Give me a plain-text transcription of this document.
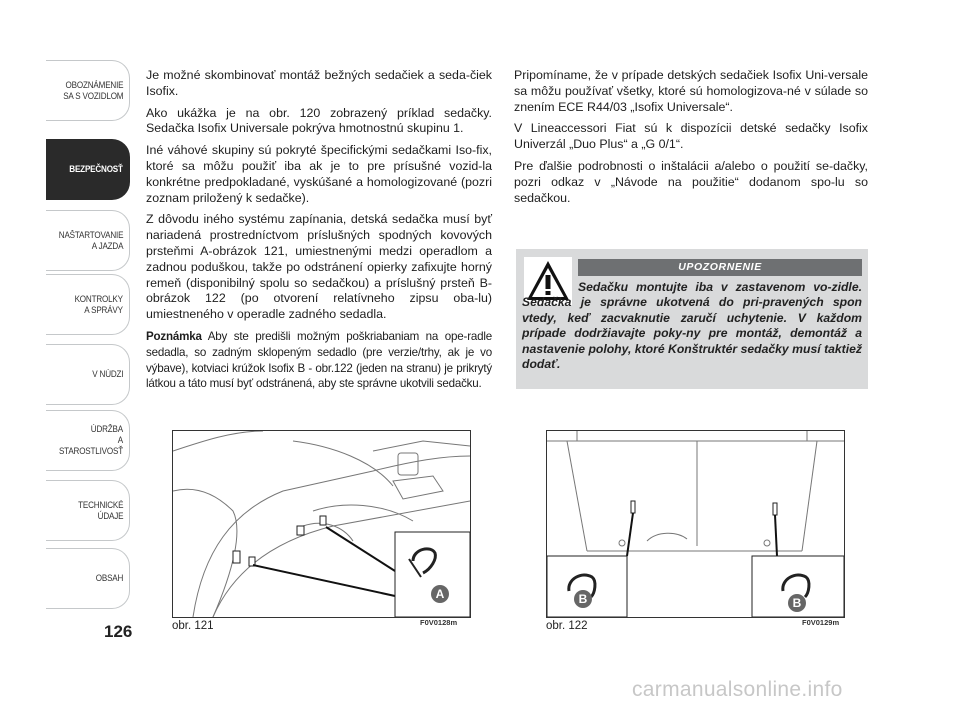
OBOZNÁMENIE
SA S VOZIDLOM
BEZPEČNOSŤ
NAŠTARTOVANIE
A JAZDA
KONTROLKY
A SPRÁVY
V NÚDZI
ÚDRŽBA
A STAROSTLIVOSŤ
TECHNICKÉ
ÚDAJE
OBSAH
126

Je možné skombinovať montáž bežných sedačiek a seda-čiek Isofix.

Ako ukážka je na obr. 120 zobrazený príklad sedačky. Sedačka Isofix Universale pokrýva hmotnostnú skupinu 1.

Iné váhové skupiny sú pokryté špecifickými sedačkami Iso-fix, ktoré sa môžu použiť iba ak je to pre prísušné vozid-la konkrétne predpokladané, vyskúšané a homologizované (pozri zoznam priložený k sedačke).

Z dôvodu iného systému zapínania, detská sedačka musí byť nariadená prostredníctvom príslušných spodných kovových prsteňmi A-obrázok 121, umiestnenými medzi operadlom a zadnou poduškou, takže po odstránení opierky zafixujte horný remeň (disponibilný spolu so sedačkou) a príslušný prsteň B-obrázok 122 (po otvorení relatívneho zipsu oba-lu) umiestneného v operadle zadného sedadla.

Poznámka Aby ste predišli možným poškriabaniam na ope-radle sedadla, so zadným sklopeným sedadlo (pre verzie/trhy, ak je vo výbave), kotviaci krúžok Isofix B - obr.122 (jeden na stranu) je prikrytý látkou a táto musí byť odstránená, aby ste správne ukotvili sedačku.

Pripomíname, že v prípade detských sedačiek Isofix Uni-versale sa môžu používať všetky, ktoré sú homologizova-né v súlade so znením ECE R44/03 „Isofix Universale“.

V Lineaccessori Fiat sú k dispozícii detské sedačky Isofix Univerzál „Duo Plus“ a „G 0/1“.

Pre ďalšie podrobnosti o inštalácii a/alebo o použití se-dačky, pozri odkaz v „Návode na použitie“ dodanom spo-lu so sedačkou.

UPOZORNENIE
Sedačku montujte iba v zastavenom vo-zidle. Sedačka je správne ukotvená do pri-pravených spon vtedy, keď zacvaknutie zaručí uchytenie. V každom prípade dodržiavajte poky-ny pre montáž, demontáž a nastavenie polohy, ktoré Konštruktér sedačky musí taktiež dodať.
A
obr. 121	F0V0128m
B	B
obr. 122	F0V0129m
carmanualsonline.info
